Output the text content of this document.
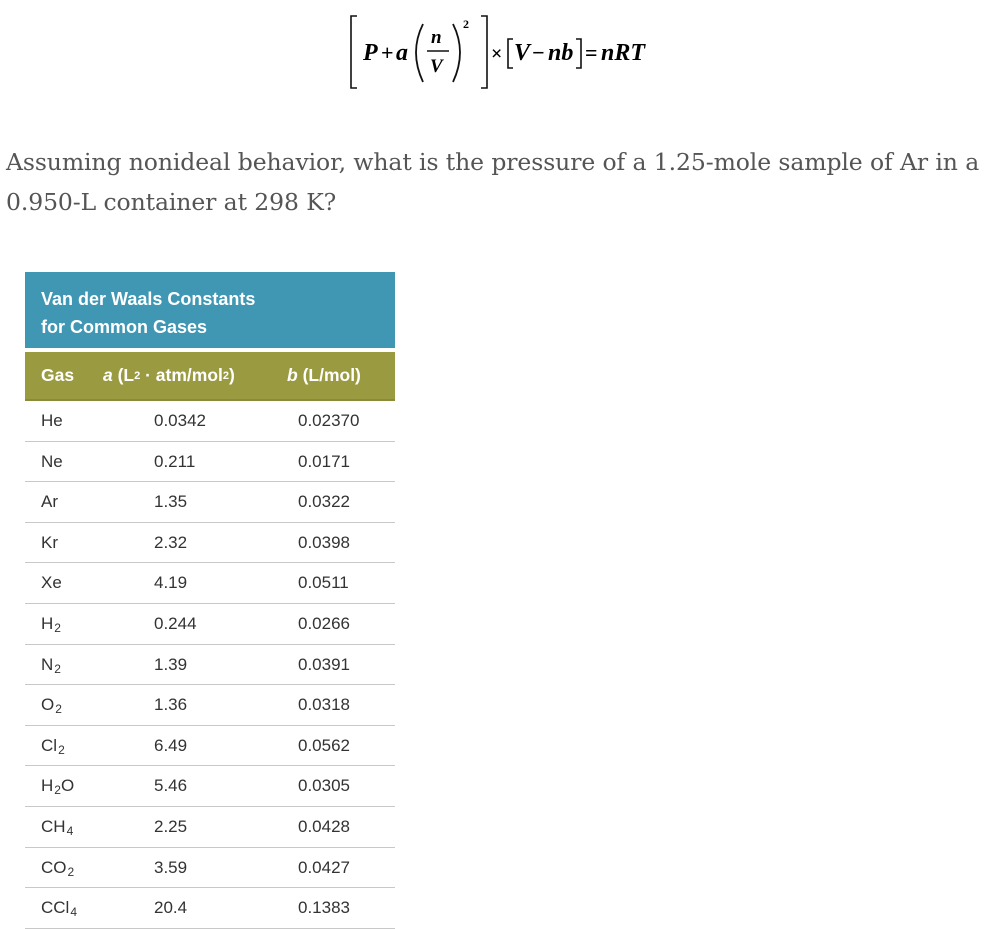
P + a
n
V
2
× V − nb = nRT
Assuming nonideal behavior, what is the pressure of a 1.25-mole sample of Ar in a
0.950-L container at 298 K?
Van der Waals Constants
for Common Gases
Gas a $(L^2 \cdot atm/mol^2)$	b (L/mol)
He	0.0342	0.02370
Ne	0.211	0.0171
Ar	1.35	0.0322
Kr	2.32	0.0398
Xe	4.19	0.0511
$H_2$	0.244	0.0266
$N_2$	1.39	0.0391
$O_2$	1.36	0.0318
$Cl_2$	6.49	0.0562
$H_2O$	5.46	0.0305
$CH_4$	2.25	0.0428
$CO_2$	3.59	0.0427
CCl$_4$	20.4	0.1383
